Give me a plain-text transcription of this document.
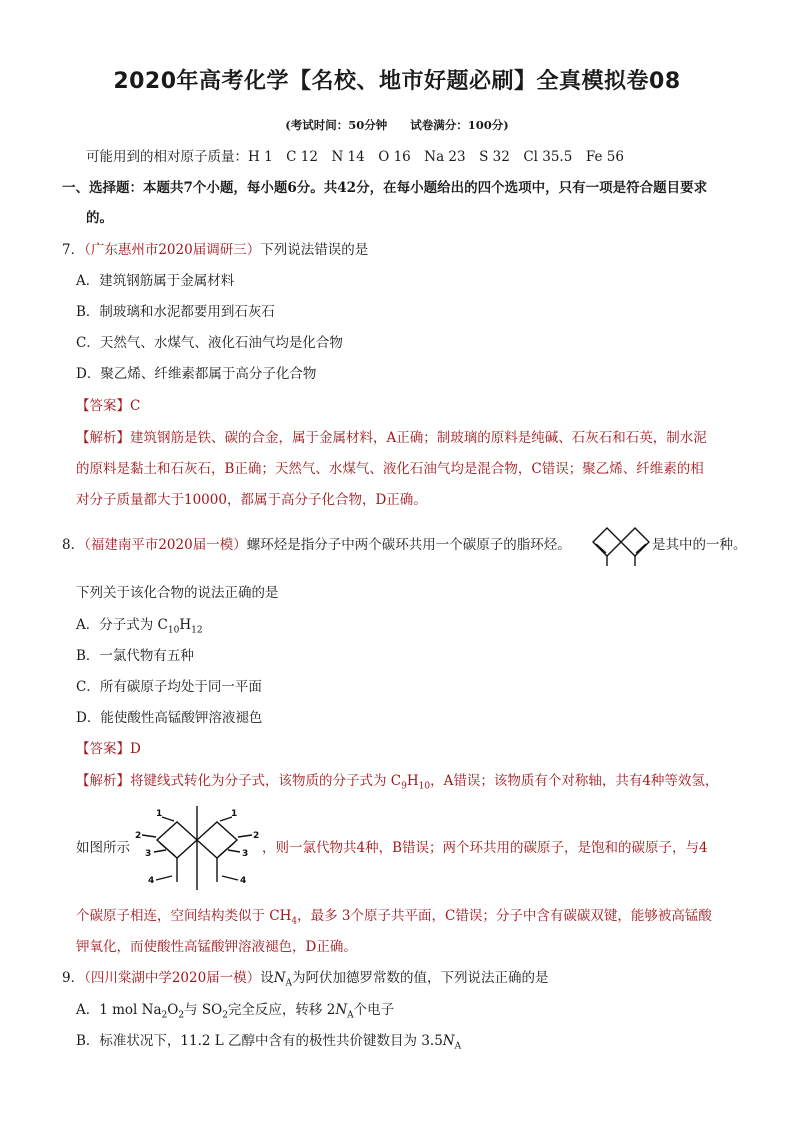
2020年高考化学【名校、地市好题必刷】全真模拟卷08
(考试时间：50分钟　　试卷满分：100分)
可能用到的相对原子质量：H 1　C 12　N 14　O 16　Na 23　S 32　Cl 35.5　Fe 56
一、选择题：本题共7个小题，每小题6分。共42分，在每小题给出的四个选项中，只有一项是符合题目要求
的。
7．（广东惠州市2020届调研三）下列说法错误的是
A．建筑钢筋属于金属材料
B．制玻璃和水泥都要用到石灰石
C．天然气、水煤气、液化石油气均是化合物
D．聚乙烯、纤维素都属于高分子化合物
【答案】C
【解析】建筑钢筋是铁、碳的合金，属于金属材料，A正确；制玻璃的原料是纯碱、石灰石和石英，制水泥
的原料是黏土和石灰石，B正确；天然气、水煤气、液化石油气均是混合物，C错误；聚乙烯、纤维素的相
对分子质量都大于10000，都属于高分子化合物，D正确。
8．（福建南平市2020届一模）螺环烃是指分子中两个碳环共用一个碳原子的脂环烃。	是其中的一种。
下列关于该化合物的说法正确的是
A．分子式为 $C_{10}H_{12}$
B．一氯代物有五种
C．所有碳原子均处于同一平面
D．能使酸性高锰酸钾溶液褪色
【答案】D
【解析】将键线式转化为分子式，该物质的分子式为 $C_9H_{10}$，A错误；该物质有个对称轴，共有4种等效氢，
如图所示
1
2
3
4
1
2
3
4
，则一氯代物共4种，B错误；两个环共用的碳原子，是饱和的碳原子，与4
个碳原子相连，空间结构类似于 $CH_4$，最多 3个原子共平面，C错误；分子中含有碳碳双键，能够被高锰酸
钾氧化，而使酸性高锰酸钾溶液褪色，D正确。
9．（四川棠湖中学2020届一模）设$N_A$为阿伏加德罗常数的值，下列说法正确的是
A．1 mol $Na_2O_2$与 $SO_2$完全反应，转移 $2N_A$个电子
B．标准状况下，11.2 L 乙醇中含有的极性共价键数目为 $3.5N_A$
